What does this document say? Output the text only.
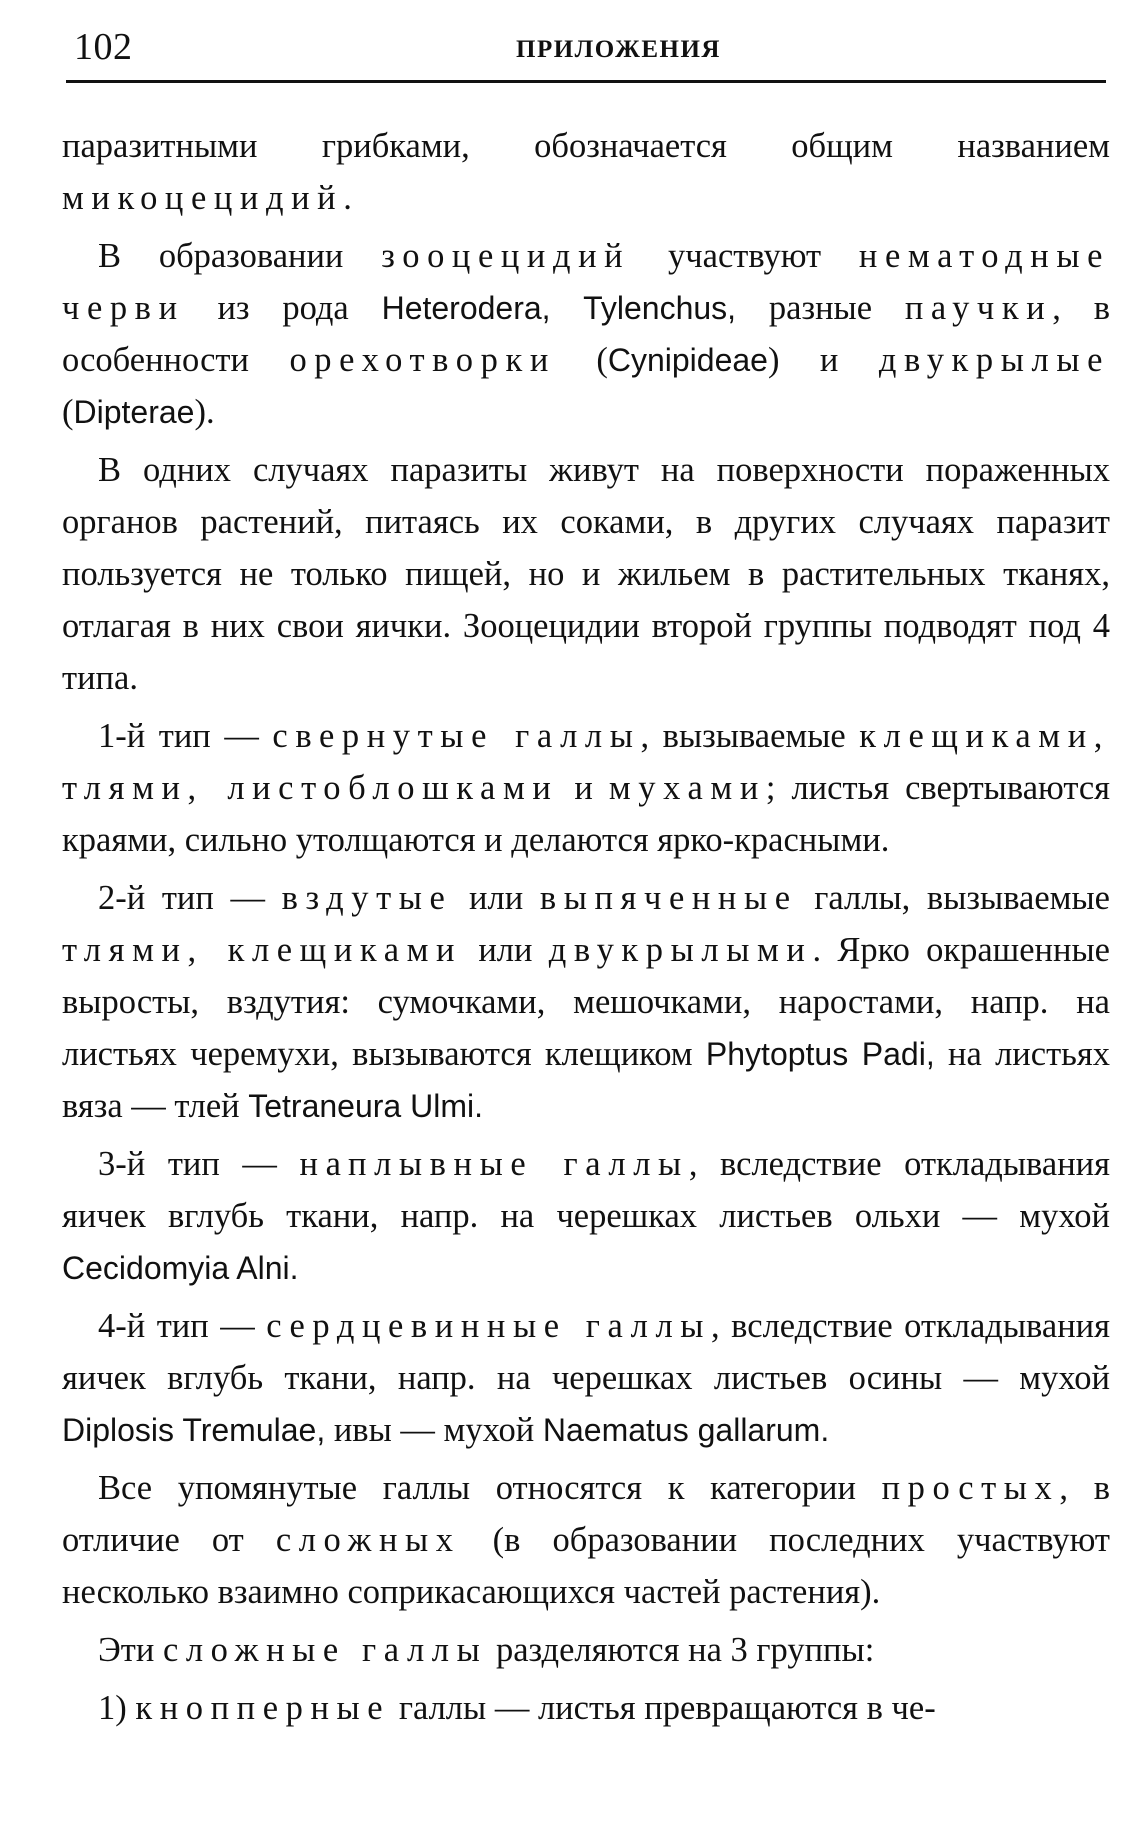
102	ПРИЛОЖЕНИЯ

паразитными грибками, обозначается общим названием микоцецидий.

В образовании зооцецидий участвуют нематодные черви из рода Heterodera, Tylenchus, разные паучки, в особенности орехотворки (Cynipideae) и двукрылые (Dipterae).

В одних случаях паразиты живут на поверхности пораженных органов растений, питаясь их соками, в других случаях паразит пользуется не только пищей, но и жильем в растительных тканях, отлагая в них свои яички. Зооцецидии второй группы подводят под 4 типа.

1-й тип — свернутые галлы, вызываемые клещиками, тлями, листоблошками и мухами; листья свертываются краями, сильно утолщаются и делаются ярко-красными.

2-й тип — вздутые или выпяченные галлы, вызываемые тлями, клещиками или двукрылыми. Ярко окрашенные выросты, вздутия: сумочками, мешочками, наростами, напр. на листьях черемухи, вызываются клещиком Phytoptus Padi, на листьях вяза — тлей Tetraneura Ulmi.

3-й тип — наплывные галлы, вследствие откладывания яичек вглубь ткани, напр. на черешках листьев ольхи — мухой Cecidomyia Alni.

4-й тип — сердцевинные галлы, вследствие откладывания яичек вглубь ткани, напр. на черешках листьев осины — мухой Diplosis Tremulae, ивы — мухой Naematus gallarum.

Все упомянутые галлы относятся к категории простых, в отличие от сложных (в образовании последних участвуют несколько взаимно соприкасающихся частей растения).

Эти сложные галлы разделяются на 3 группы:

1) кнопперные галлы — листья превращаются в че-
